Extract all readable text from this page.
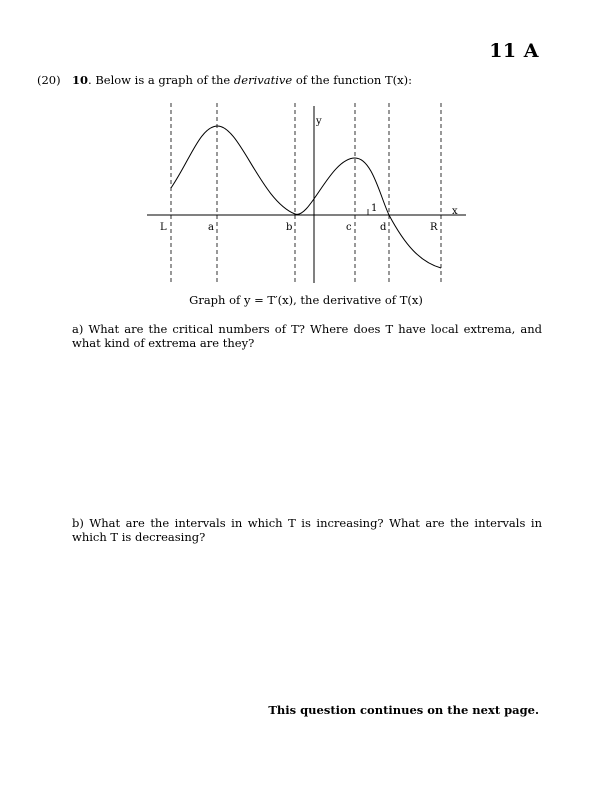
11 A
(20) 10. Below is a graph of the derivative of the function T(x):
y
x
1
L	a	b	c	d	R
Graph of y = T′(x), the derivative of T(x)
a) What are the critical numbers of T? Where does T have local extrema, and what kind of extrema are they?
b) What are the intervals in which T is increasing? What are the intervals in which T is decreasing?
This question continues on the next page.
